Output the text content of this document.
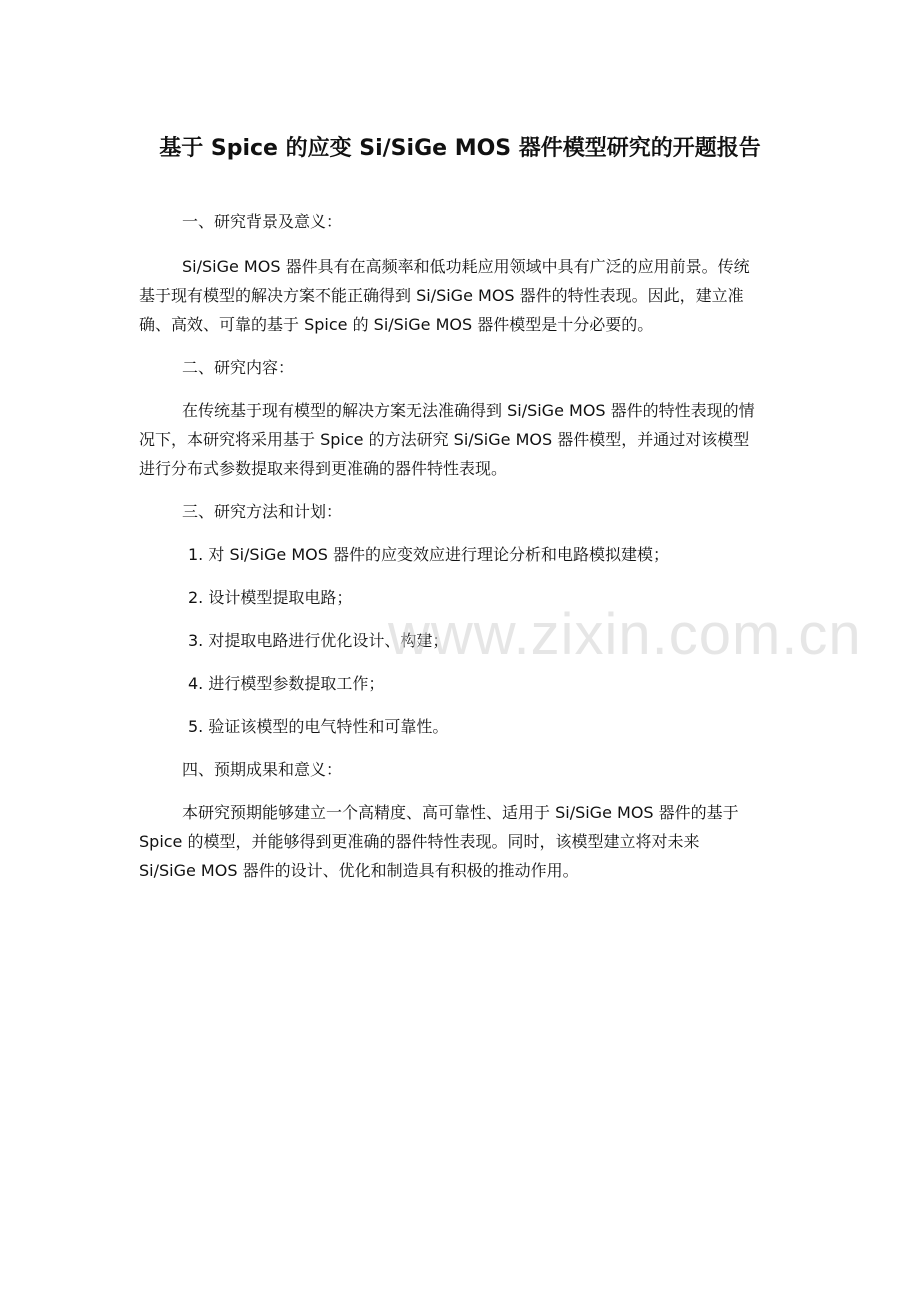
基于 Spice 的应变 Si/SiGe MOS 器件模型研究的开题报告
一、研究背景及意义：
Si/SiGe MOS 器件具有在高频率和低功耗应用领域中具有广泛的应用前景。传统
基于现有模型的解决方案不能正确得到 Si/SiGe MOS 器件的特性表现。因此，建立准
确、高效、可靠的基于 Spice 的 Si/SiGe MOS 器件模型是十分必要的。
二、研究内容：
在传统基于现有模型的解决方案无法准确得到 Si/SiGe MOS 器件的特性表现的情
况下，本研究将采用基于 Spice 的方法研究 Si/SiGe MOS 器件模型，并通过对该模型
进行分布式参数提取来得到更准确的器件特性表现。
三、研究方法和计划：
1. 对 Si/SiGe MOS 器件的应变效应进行理论分析和电路模拟建模；
2. 设计模型提取电路；
3. 对提取电路进行优化设计、构建；
4. 进行模型参数提取工作；
5. 验证该模型的电气特性和可靠性。
四、预期成果和意义：
本研究预期能够建立一个高精度、高可靠性、适用于 Si/SiGe MOS 器件的基于
Spice 的模型，并能够得到更准确的器件特性表现。同时，该模型建立将对未来
Si/SiGe MOS 器件的设计、优化和制造具有积极的推动作用。
www.zixin.com.cn
